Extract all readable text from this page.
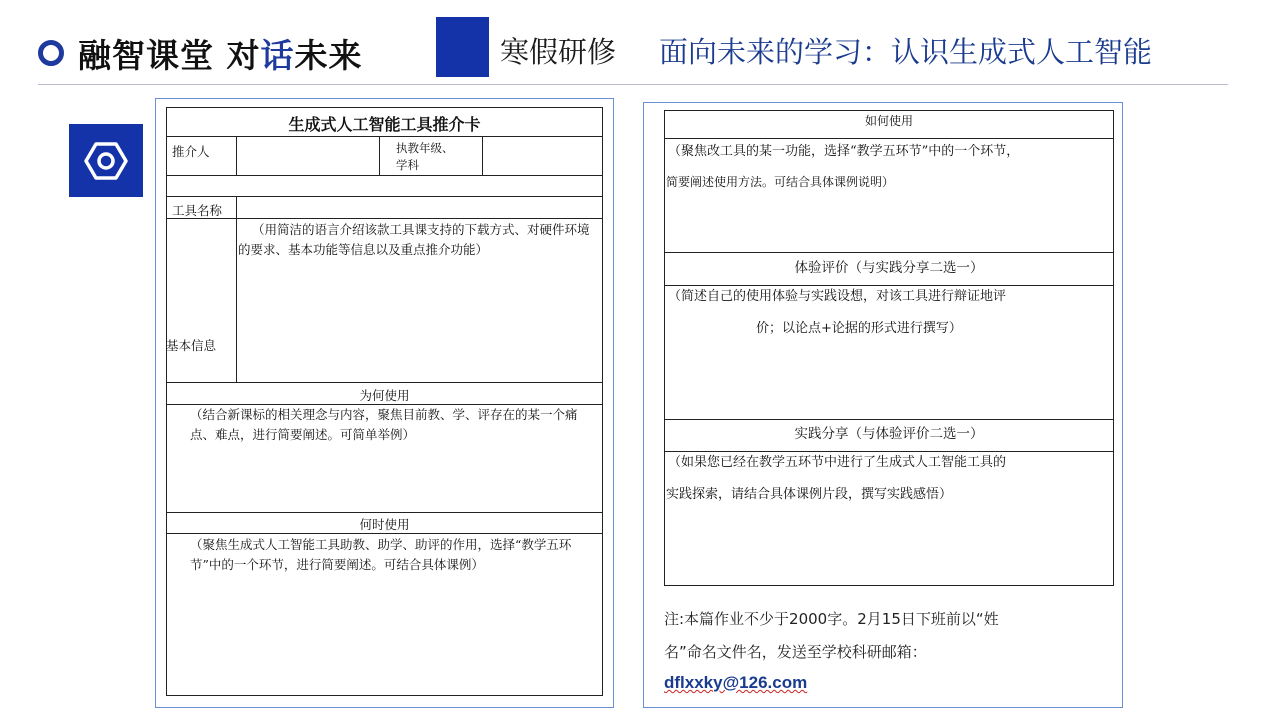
融智课堂 对话未来	寒假研修 面向未来的学习：认识生成式人工智能
生成式人工智能工具推介卡
推介人	执教年级、
学科
工具名称
基本信息
（用简洁的语言介绍该款工具课支持的下载方式、对硬件环境的要求、基本功能等信息以及重点推介功能）
为何使用
（结合新课标的相关理念与内容，聚焦目前教、学、评存在的某一个痛点、难点，进行简要阐述。可简单举例）
何时使用
（聚焦生成式人工智能工具助教、助学、助评的作用，选择“教学五环节”中的一个环节，进行简要阐述。可结合具体课例）
如何使用
（聚焦改工具的某一功能，选择“教学五环节”中的一个环节，
简要阐述使用方法。可结合具体课例说明）
体验评价（与实践分享二选一）
（简述自己的使用体验与实践设想，对该工具进行辩证地评
价；以论点+论据的形式进行撰写）
实践分享（与体验评价二选一）
（如果您已经在教学五环节中进行了生成式人工智能工具的
实践探索，请结合具体课例片段，撰写实践感悟）
注:本篇作业不少于2000字。2月15日下班前以“姓
名”命名文件名，发送至学校科研邮箱：
dflxxky@126.com
